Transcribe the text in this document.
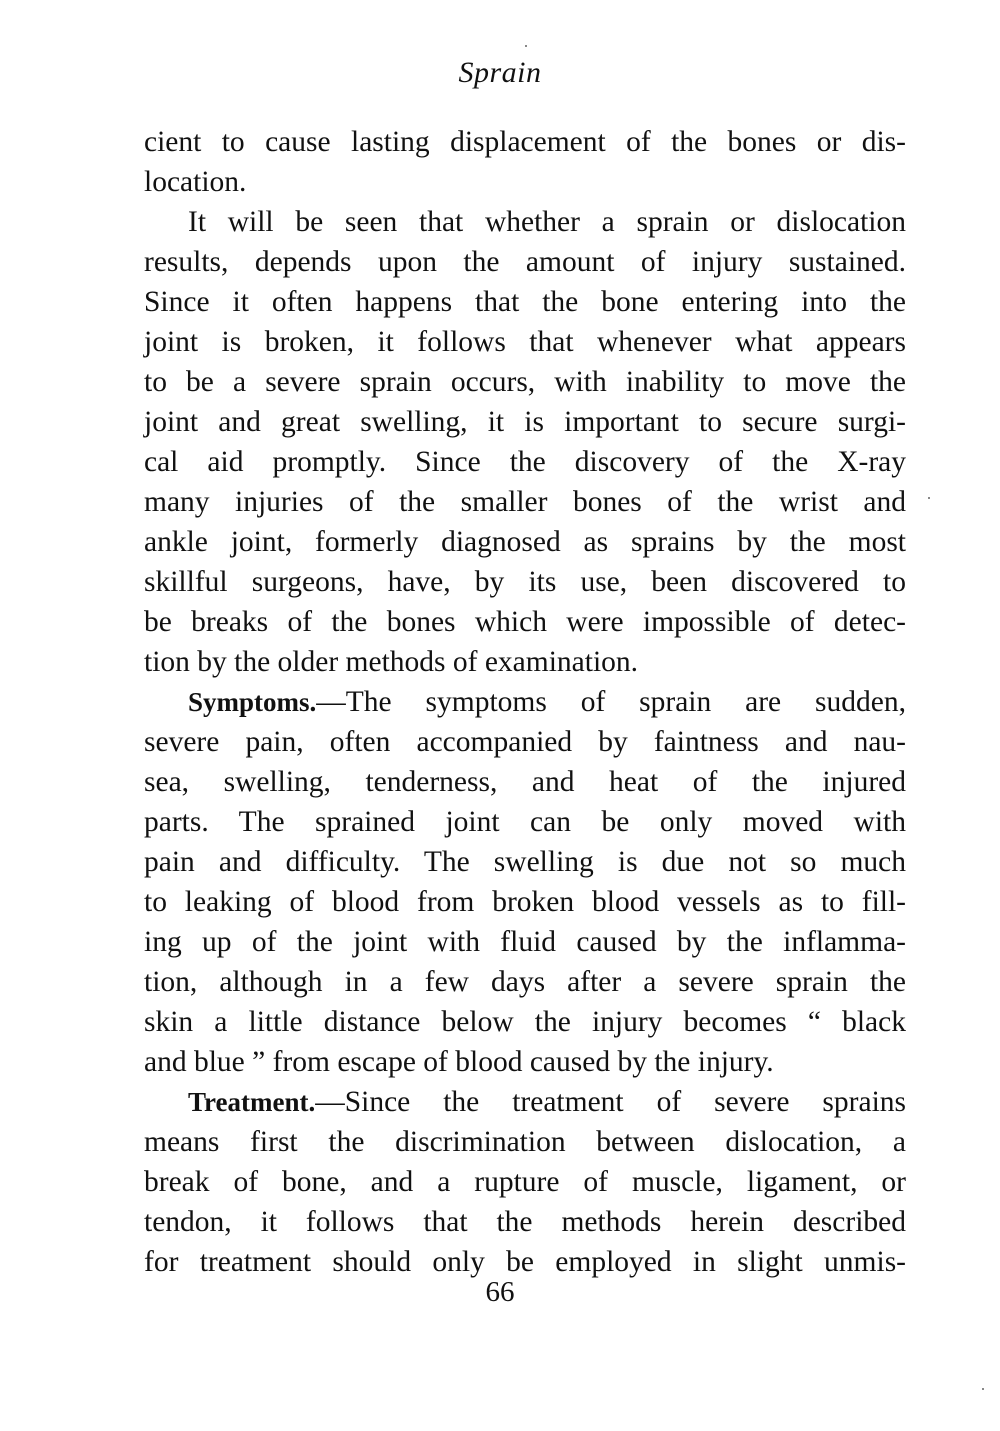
Sprain
cient to cause lasting displacement of the bones or dis-
location.
It will be seen that whether a sprain or dislocation
results, depends upon the amount of injury sustained.
Since it often happens that the bone entering into the
joint is broken, it follows that whenever what appears
to be a severe sprain occurs, with inability to move the
joint and great swelling, it is important to secure surgi-
cal aid promptly. Since the discovery of the X-ray
many injuries of the smaller bones of the wrist and
ankle joint, formerly diagnosed as sprains by the most
skillful surgeons, have, by its use, been discovered to
be breaks of the bones which were impossible of detec-
tion by the older methods of examination.
Symptoms.—The symptoms of sprain are sudden,
severe pain, often accompanied by faintness and nau-
sea, swelling, tenderness, and heat of the injured
parts. The sprained joint can be only moved with
pain and difficulty. The swelling is due not so much
to leaking of blood from broken blood vessels as to fill-
ing up of the joint with fluid caused by the inflamma-
tion, although in a few days after a severe sprain the
skin a little distance below the injury becomes “ black
and blue ” from escape of blood caused by the injury.
Treatment.—Since the treatment of severe sprains
means first the discrimination between dislocation, a
break of bone, and a rupture of muscle, ligament, or
tendon, it follows that the methods herein described
for treatment should only be employed in slight unmis-
66
